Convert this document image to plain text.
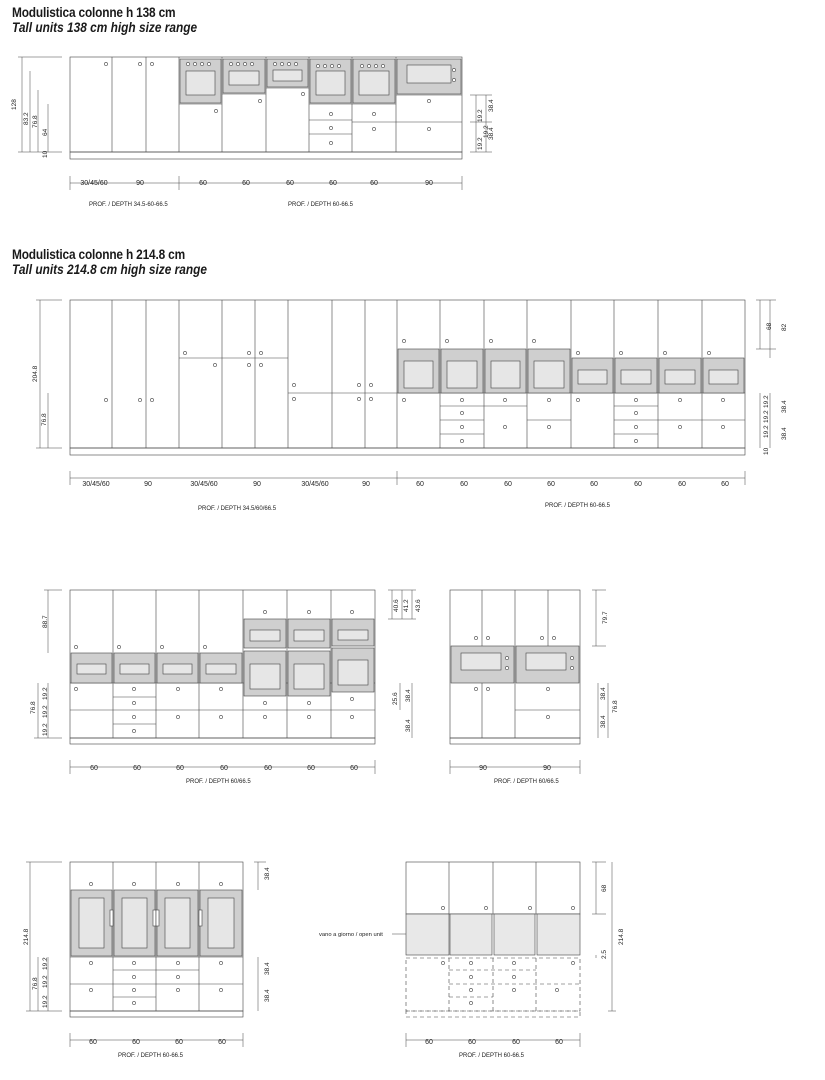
Modulistica colonne h 138 cm
Tall units 138 cm high size range
Modulistica colonne h 214.8 cm
Tall units 214.8 cm high size range
30/45/60	90	60	60	60	60	60	90
PROF. / DEPTH 34.5-60-66.5	PROF. / DEPTH 60-66.5
128
83.2 76.8
64
10
38.4
19.2
19.2
19.2
38.4
30/45/60	90	30/45/60	90	30/45/60	90	60	60	60	60	60	60	60	60
PROF. / DEPTH 34.5/60/66.5	PROF. / DEPTH 60-66.5
204.8
76.8
68 82
38.4
19.2
19.2
19.2 38.4
10
60	60	60	60	60	60	60
PROF. / DEPTH 60/66.5
88.7
76.8
19.2
19.2
19.2
40.6 41.2 43.6
25.6 38.4
38.4
90	90
PROF. / DEPTH 60/66.5
79.7
38.4
38.4
76.8
60	60	60	60
PROF. / DEPTH 60-66.5
214.8
76.8
19.2
19.2
19.2
38.4
38.4
38.4
60	60	60	60
PROF. / DEPTH 60-66.5
vano a giorno / open unit
68
2.5
214.8
